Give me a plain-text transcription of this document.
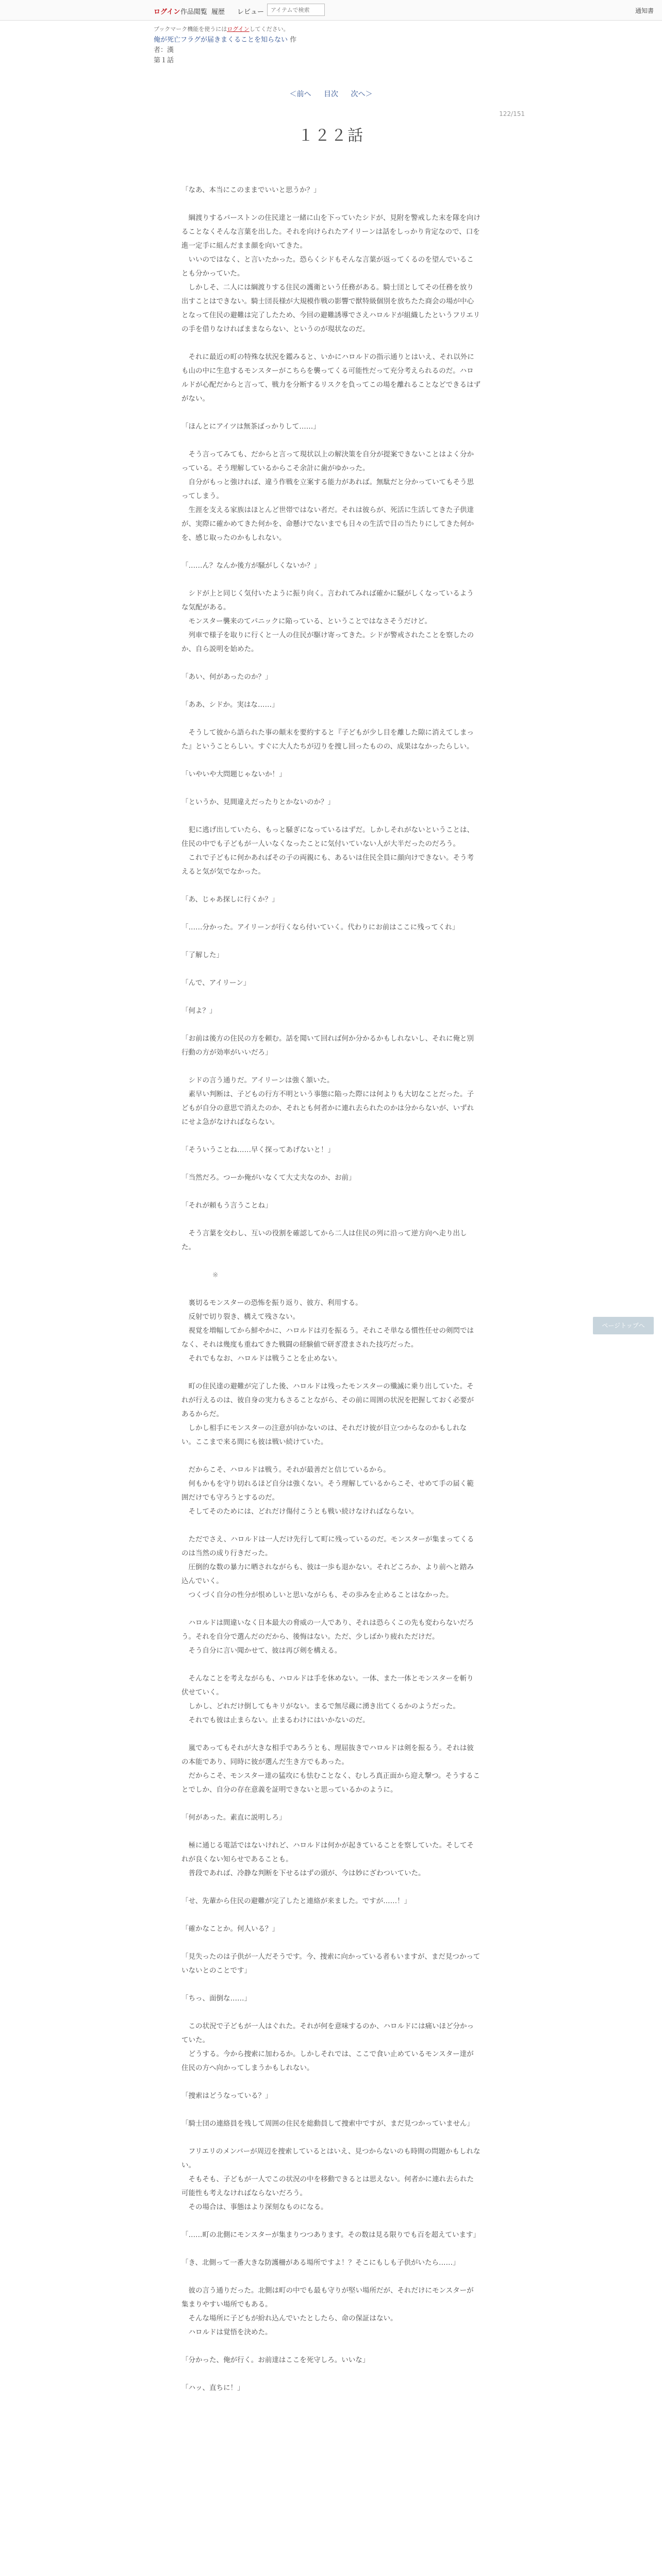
ログイン 作品閲覧 履歴 レビュー
アイテムで検索	通知書
ブックマーク機能を使うにはログインしてください。
俺が死亡フラグが届きまくることを知らない 作者：漢
第１話
＜前へ 目次 次へ＞
122/151
１２２話

「なあ、本当にこのままでいいと思うか？」

　綱渡りするパーストンの住民達と一緒に山を下っていたシドが、見附を警戒した末を隊を向けることなくそんな言葉を出した。それを向けられたアイリーンは話をしっかり肯定なので、口を進一定手に組んだまま顔を向いてきた。
　いいのではなく、と言いたかった。恐らくシドもそんな言葉が返ってくるのを望んでいることも分かっていた。
　しかしそ、二人には綱渡りする住民の護衛という任務がある。騎士団としてその任務を放り出すことはできない。騎士団長様が大規模作戦の影響で獣特級個別を放ちたた商会の場が中心となって住民の避難は完了したため、今回の避難誘導でさえハロルドが組織したというフリエリの手を借りなければままならない、というのが現状なのだ。

　それに最近の町の特殊な状況を鑑みると、いかにハロルドの指示通りとはいえ、それ以外にも山の中に生息するモンスターがこちらを襲ってくる可能性だって充分考えられるのだ。ハロルドが心配だからと言って、戦力を分断するリスクを負ってこの場を離れることなどできるはずがない。

「ほんとにアイツは無茶ばっかりして……」

　そう言ってみても、だからと言って現状以上の解決策を自分が提案できないことはよく分かっている。そう理解しているからこそ余計に歯がゆかった。
　自分がもっと強ければ、違う作戦を立案する能力があれば。無駄だと分かっていてもそう思ってしまう。
　生涯を支える家族はほとんど世帯ではない者だ。それは彼らが、死活に生活してきた子供達が、実際に確かめてきた何かを、命懸けでないまでも日々の生活で目の当たりにしてきた何かを、感じ取ったのかもしれない。

「……ん？なんか後方が騒がしくないか？」

　シドが上と同じく気付いたように振り向く。言われてみれば確かに騒がしくなっているような気配がある。
　モンスター襲来のてパニックに陥っている、ということではなさそうだけど。
　列車で様子を取りに行くと一人の住民が駆け寄ってきた。シドが警戒されたことを察したのか、自ら説明を始めた。

「あい、何があったのか？」

「ああ、シドか。実はな……」

　そうして彼から語られた事の顛末を要約すると『子どもが少し目を離した隙に消えてしまった』ということらしい。すぐに大人たちが辺りを捜し回ったものの、成果はなかったらしい。

「いやいや大問題じゃないか！」

「というか、見間違えだったりとかないのか？」

　犯に逃げ出していたら、もっと騒ぎになっているはずだ。しかしそれがないということは、住民の中でも子どもが一人いなくなったことに気付いていない人が大半だったのだろう。
　これで子どもに何かあればその子の両親にも、あるいは住民全員に顔向けできない。そう考えると気が気でなかった。

「あ、じゃあ探しに行くか？」

「……分かった。アイリーンが行くなら付いていく。代わりにお前はここに残ってくれ」

「了解した」

「んで、アイリーン」

「何よ？」

「お前は後方の住民の方を頼む。話を聞いて回れば何か分かるかもしれないし、それに俺と別行動の方が効率がいいだろ」

　シドの言う通りだ。アイリーンは強く頷いた。
　素早い判断は、子どもの行方不明という事態に陥った際には何よりも大切なことだった。子どもが自分の意思で消えたのか、それとも何者かに連れ去られたのかは分からないが、いずれにせよ急がなければならない。

「そういうことね……早く探ってあげないと！」

「当然だろ。つーか俺がいなくて大丈夫なのか、お前」

「それが頼もう言うことね」

　そう言葉を交わし、互いの役割を確認してから二人は住民の列に沿って逆方向へ走り出した。

※

　裏切るモンスターの恐怖を振り返り、彼方、利用する。
　反射で切り裂き、構えて残さない。
　視覚を増幅してから鮮やかに、ハロルドは刃を振るう。それこそ単なる慣性任せの剣閃ではなく、それは幾度も重ねてきた戦闘の経験値で研ぎ澄まされた技巧だった。
　それでもなお、ハロルドは戦うことを止めない。

　町の住民達の避難が完了した後、ハロルドは残ったモンスターの殲滅に乗り出していた。それが行えるのは、彼自身の実力もさることながら、その前に周囲の状況を把握しておく必要があるからだ。
　しかし相手にモンスターの注意が向かないのは、それだけ彼が目立つからなのかもしれない。ここまで来る間にも彼は戦い続けていた。

　だからこそ、ハロルドは戦う。それが最善だと信じているから。
　何もかもを守り切れるほど自分は強くない。そう理解しているからこそ、せめて手の届く範囲だけでも守ろうとするのだ。
　そしてそのためには、どれだけ傷付こうとも戦い続けなければならない。

　ただでさえ、ハロルドは一人だけ先行して町に残っているのだ。モンスターが集まってくるのは当然の成り行きだった。
　圧倒的な数の暴力に晒されながらも、彼は一歩も退かない。それどころか、より前へと踏み込んでいく。
　つくづく自分の性分が恨めしいと思いながらも、その歩みを止めることはなかった。

　ハロルドは間違いなく日本最大の脅威の一人であり、それは恐らくこの先も変わらないだろう。それを自分で選んだのだから、後悔はない。ただ、少しばかり疲れただけだ。
　そう自分に言い聞かせて、彼は再び剣を構える。

　そんなことを考えながらも、ハロルドは手を休めない。一体、また一体とモンスターを斬り伏せていく。
　しかし、どれだけ倒してもキリがない。まるで無尽蔵に湧き出てくるかのようだった。
　それでも彼は止まらない。止まるわけにはいかないのだ。

　嵐であってもそれが大きな相手であろうとも、理屈抜きでハロルドは剣を振るう。それは彼の本能であり、同時に彼が選んだ生き方でもあった。
　だからこそ、モンスター達の猛攻にも怯むことなく、むしろ真正面から迎え撃つ。そうすることでしか、自分の存在意義を証明できないと思っているかのように。

「何があった。素直に説明しろ」

　極に通じる電話ではないけれど、ハロルドは何かが起きていることを察していた。そしてそれが良くない知らせであることも。
　普段であれば、冷静な判断を下せるはずの頭が、今は妙にざわついていた。

「せ、先輩から住民の避難が完了したと連絡が来ました。ですが……！」

「確かなことか。何人いる？」

「見失ったのは子供が一人だそうです。今、捜索に向かっている者もいますが、まだ見つかっていないとのことです」

「ちっ、面倒な……」

　この状況で子どもが一人はぐれた。それが何を意味するのか、ハロルドには痛いほど分かっていた。
　どうする。今から捜索に加わるか。しかしそれでは、ここで食い止めているモンスター達が住民の方へ向かってしまうかもしれない。

「捜索はどうなっている？」

「騎士団の連絡員を残して周囲の住民を総動員して捜索中ですが、まだ見つかっていません」

　フリエリのメンバーが周辺を捜索しているとはいえ、見つからないのも時間の問題かもしれない。
　そもそも、子どもが一人でこの状況の中を移動できるとは思えない。何者かに連れ去られた可能性も考えなければならないだろう。
　その場合は、事態はより深刻なものになる。

「……町の北側にモンスターが集まりつつあります。その数は見る限りでも百を超えています」

「き、北側って一番大きな防護柵がある場所ですよ！？そこにもしも子供がいたら……」

　彼の言う通りだった。北側は町の中でも最も守りが堅い場所だが、それだけにモンスターが集まりやすい場所でもある。
　そんな場所に子どもが紛れ込んでいたとしたら、命の保証はない。
　ハロルドは覚悟を決めた。

「分かった、俺が行く。お前達はここを死守しろ。いいな」

「ハッ、直ちに！」

ページトップへ
